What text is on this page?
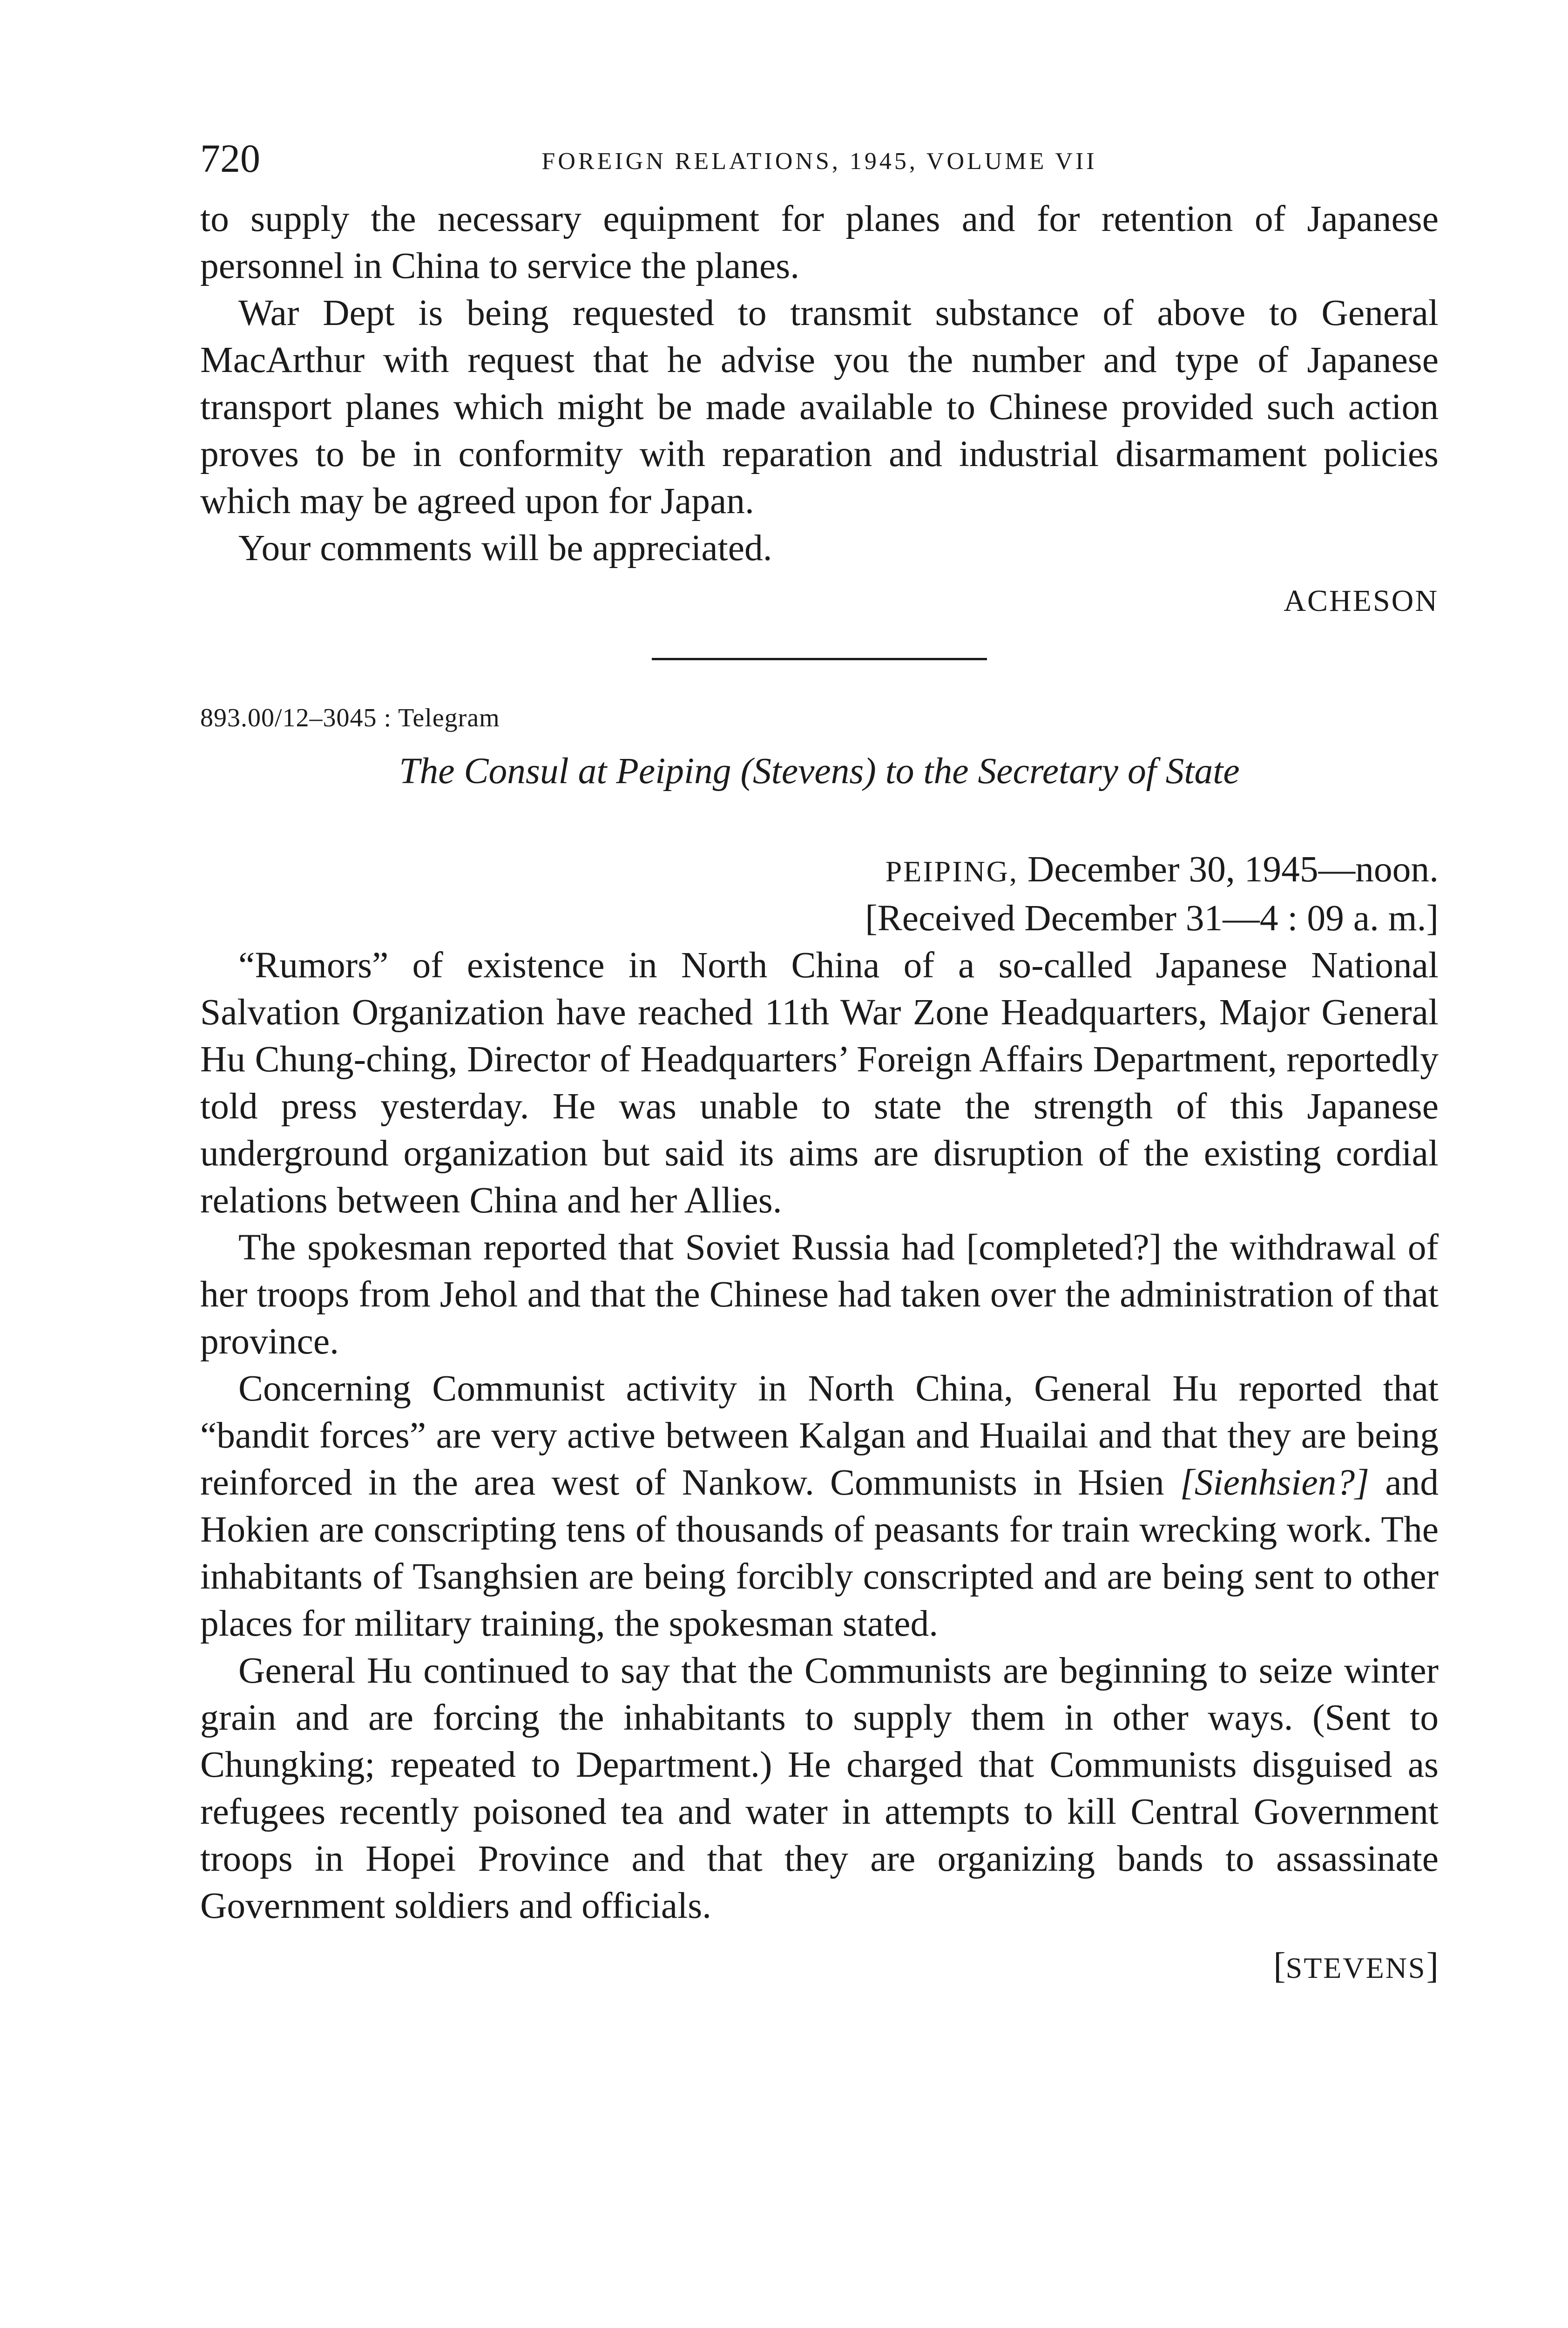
720	FOREIGN RELATIONS, 1945, VOLUME VII

to supply the necessary equipment for planes and for retention of Japanese personnel in China to service the planes.

War Dept is being requested to transmit substance of above to General MacArthur with request that he advise you the number and type of Japanese transport planes which might be made available to Chinese provided such action proves to be in conformity with reparation and industrial disarmament policies which may be agreed upon for Japan.

Your comments will be appreciated.

ACHESON
893.00/12–3045 : Telegram
The Consul at Peiping (Stevens) to the Secretary of State
PEIPING, December 30, 1945—noon.
[Received December 31—4 : 09 a. m.]

“Rumors” of existence in North China of a so-called Japanese National Salvation Organization have reached 11th War Zone Headquarters, Major General Hu Chung-ching, Director of Headquarters’ Foreign Affairs Department, reportedly told press yesterday. He was unable to state the strength of this Japanese underground organization but said its aims are disruption of the existing cordial relations between China and her Allies.

The spokesman reported that Soviet Russia had [completed?] the withdrawal of her troops from Jehol and that the Chinese had taken over the administration of that province.

Concerning Communist activity in North China, General Hu reported that “bandit forces” are very active between Kalgan and Huailai and that they are being reinforced in the area west of Nankow. Communists in Hsien [Sienhsien?] and Hokien are conscripting tens of thousands of peasants for train wrecking work. The inhabitants of Tsanghsien are being forcibly conscripted and are being sent to other places for military training, the spokesman stated.

General Hu continued to say that the Communists are beginning to seize winter grain and are forcing the inhabitants to supply them in other ways. (Sent to Chungking; repeated to Department.) He charged that Communists disguised as refugees recently poisoned tea and water in attempts to kill Central Government troops in Hopei Province and that they are organizing bands to assassinate Government soldiers and officials.

[STEVENS]
